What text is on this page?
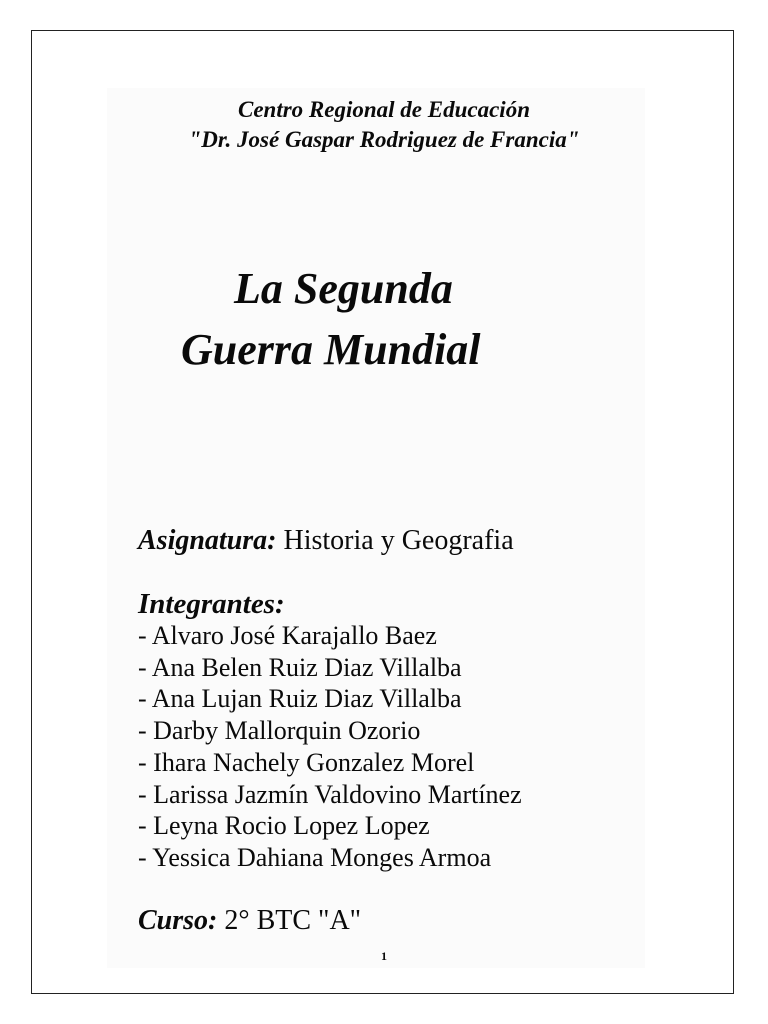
Centro Regional de Educación
"Dr. José Gaspar Rodriguez de Francia"
La Segunda
Guerra Mundial
Asignatura: Historia y Geografia
Integrantes:
- Alvaro José Karajallo Baez
- Ana Belen Ruiz Diaz Villalba
- Ana Lujan Ruiz Diaz Villalba
- Darby Mallorquin Ozorio
- Ihara Nachely Gonzalez Morel
- Larissa Jazmín Valdovino Martínez
- Leyna Rocio Lopez Lopez
- Yessica Dahiana Monges Armoa
Curso: 2° BTC "A"
1
